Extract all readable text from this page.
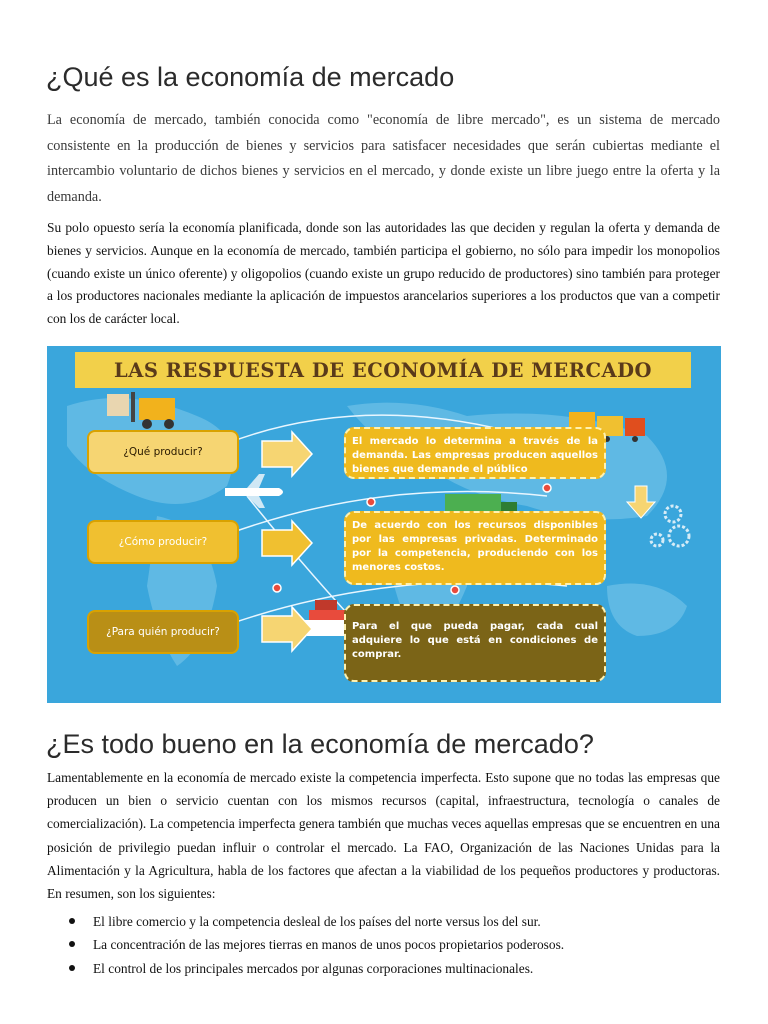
¿Qué es la economía de mercado

La economía de mercado, también conocida como "economía de libre mercado", es un sistema de mercado consistente en la producción de bienes y servicios para satisfacer necesidades que serán cubiertas mediante el intercambio voluntario de dichos bienes y servicios en el mercado, y donde existe un libre juego entre la oferta y la demanda.

Su polo opuesto sería la economía planificada, donde son las autoridades las que deciden y regulan la oferta y demanda de bienes y servicios. Aunque en la economía de mercado, también participa el gobierno, no sólo para impedir los monopolios (cuando existe un único oferente) y oligopolios (cuando existe un grupo reducido de productores) sino también para proteger a los productores nacionales mediante la aplicación de impuestos arancelarios superiores a los productos que van a competir con los de carácter local.

LAS RESPUESTA DE ECONOMÍA DE MERCADO
¿Qué producir?
¿Cómo producir?
¿Para quién producir?
El mercado lo determina a través de la demanda. Las empresas producen aquellos bienes que demande el público
De acuerdo con los recursos disponibles por las empresas privadas. Determinado por la competencia, produciendo con los menores costos.
Para el que pueda pagar, cada cual adquiere lo que está en condiciones de comprar.
¿Es todo bueno en la economía de mercado?

Lamentablemente en la economía de mercado existe la competencia imperfecta. Esto supone que no todas las empresas que producen un bien o servicio cuentan con los mismos recursos (capital, infraestructura, tecnología o canales de comercialización). La competencia imperfecta genera también que muchas veces aquellas empresas que se encuentren en una posición de privilegio puedan influir o controlar el mercado. La FAO, Organización de las Naciones Unidas para la Alimentación y la Agricultura, habla de los factores que afectan a la viabilidad de los pequeños productores y productoras. En resumen, son los siguientes:

El libre comercio y la competencia desleal de los países del norte versus los del sur.
La concentración de las mejores tierras en manos de unos pocos propietarios poderosos.
El control de los principales mercados por algunas corporaciones multinacionales.
